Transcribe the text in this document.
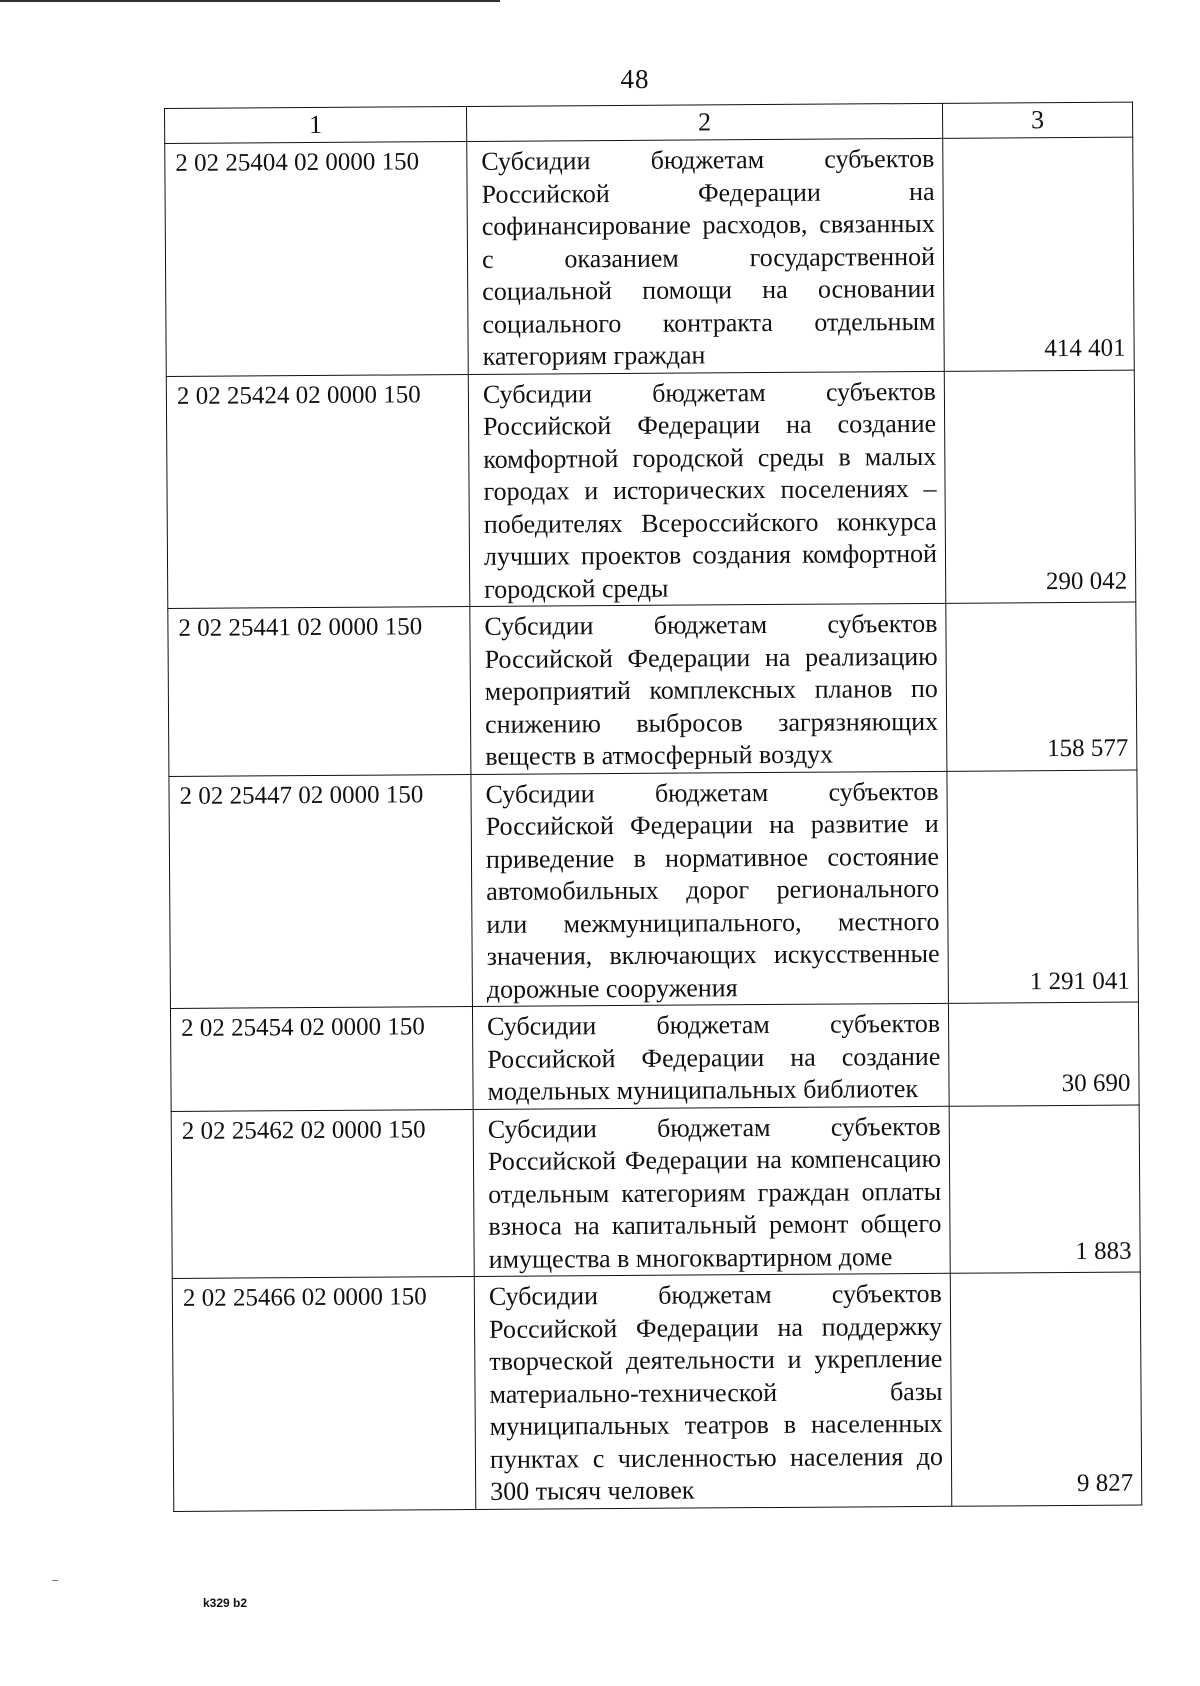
48
1	2	3
2 02 25404 02 0000 150	Субсидии бюджетам субъектов Российской Федерации на софинансирование расходов, связанных с оказанием государственной социальной помощи на основании социального контракта отдельным категориям граждан	414 401
2 02 25424 02 0000 150	Субсидии бюджетам субъектов Российской Федерации на создание комфортной городской среды в малых городах и исторических поселениях – победителях Всероссийского конкурса лучших проектов создания комфортной городской среды	290 042
2 02 25441 02 0000 150	Субсидии бюджетам субъектов Российской Федерации на реализацию мероприятий комплексных планов по снижению выбросов загрязняющих веществ в атмосферный воздух	158 577
2 02 25447 02 0000 150	Субсидии бюджетам субъектов Российской Федерации на развитие и приведение в нормативное состояние автомобильных дорог регионального или межмуниципального, местного значения, включающих искусственные дорожные сооружения	1 291 041
2 02 25454 02 0000 150	Субсидии бюджетам субъектов Российской Федерации на создание модельных муниципальных библиотек	30 690
2 02 25462 02 0000 150	Субсидии бюджетам субъектов Российской Федерации на компенсацию отдельным категориям граждан оплаты взноса на капитальный ремонт общего имущества в многоквартирном доме	1 883
2 02 25466 02 0000 150	Субсидии бюджетам субъектов Российской Федерации на поддержку творческой деятельности и укрепление материально-технической базы муниципальных театров в населенных пунктах с численностью населения до 300 тысяч человек	9 827
k329 b2
